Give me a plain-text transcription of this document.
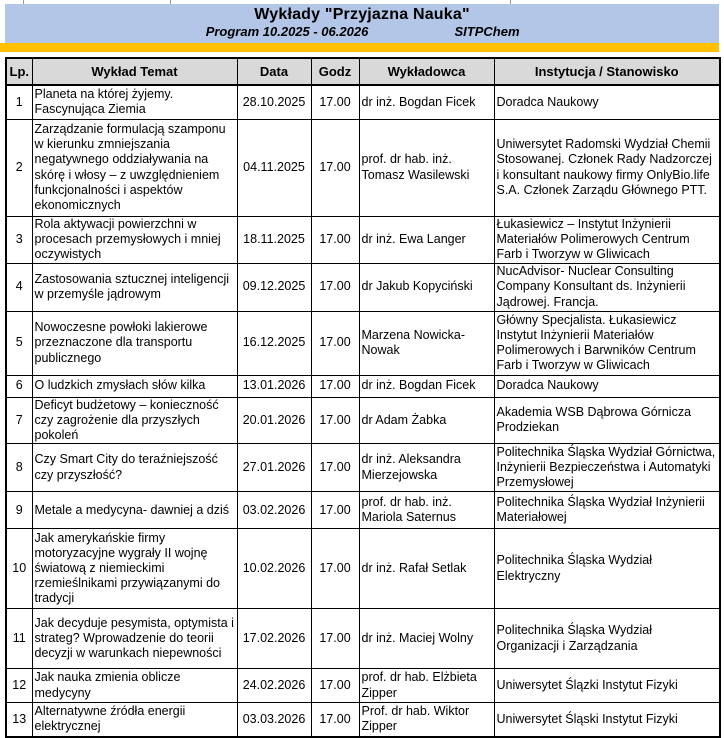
Wykłady "Przyjazna Nauka"
Program 10.2025 - 06.2026	SITPChem
Lp.	Wykład Temat	Data	Godz	Wykładowca	Instytucja / Stanowisko
1	Planeta na której żyjemy. Fascynująca Ziemia	28.10.2025	17.00	dr inż. Bogdan Ficek	Doradca Naukowy
2	Zarządzanie formulacją szamponu w kierunku zmniejszania negatywnego oddziaływania na skórę i włosy – z uwzględnieniem funkcjonalności i aspektów ekonomicznych	04.11.2025	17.00	prof. dr hab. inż. Tomasz Wasilewski	Uniwersytet Radomski Wydział Chemii Stosowanej. Członek Rady Nadzorczej i konsultant naukowy firmy OnlyBio.life S.A. Członek Zarządu Głównego PTT.
3	Rola aktywacji powierzchni w procesach przemysłowych i mniej oczywistych	18.11.2025	17.00	dr inż. Ewa Langer	Łukasiewicz – Instytut Inżynierii Materiałów Polimerowych Centrum Farb i Tworzyw w Gliwicach
4	Zastosowania sztucznej inteligencji w przemyśle jądrowym	09.12.2025	17.00	dr Jakub Kopyciński	NucAdvisor- Nuclear Consulting Company Konsultant ds. Inżynierii Jądrowej. Francja.
5	Nowoczesne powłoki lakierowe przeznaczone dla transportu publicznego	16.12.2025	17.00	Marzena Nowicka-Nowak	Główny Specjalista. Łukasiewicz Instytut Inżynierii Materiałów Polimerowych i Barwników Centrum Farb i Tworzyw w Gliwicach
6	O ludzkich zmysłach słów kilka	13.01.2026	17.00	dr inż. Bogdan Ficek	Doradca Naukowy
7	Deficyt budżetowy – konieczność czy zagrożenie dla przyszłych pokoleń	20.01.2026	17.00	dr Adam Żabka	Akademia WSB Dąbrowa Górnicza Prodziekan
8	Czy Smart City do teraźniejszość czy przyszłość?	27.01.2026	17.00	dr inż. Aleksandra Mierzejowska	Politechnika Śląska Wydział Górnictwa, Inżynierii Bezpieczeństwa i Automatyki Przemysłowej
9	Metale a medycyna- dawniej a dziś	03.02.2026	17.00	prof. dr hab. inż. Mariola Saternus	Politechnika Śląska Wydział Inżynierii Materiałowej
10	Jak amerykańskie firmy motoryzacyjne wygrały II wojnę światową z niemieckimi rzemieślnikami przywiązanymi do tradycji	10.02.2026	17.00	dr inż. Rafał Setlak	Politechnika Śląska Wydział Elektryczny
11	Jak decyduje pesymista, optymista i strateg? Wprowadzenie do teorii decyzji w warunkach niepewności	17.02.2026	17.00	dr inż. Maciej Wolny	Politechnika Śląska Wydział Organizacji i Zarządzania
12	Jak nauka zmienia oblicze medycyny	24.02.2026	17.00	prof. dr hab. Elżbieta Zipper	Uniwersytet Ślązki Instytut Fizyki
13	Alternatywne źródła energii elektrycznej	03.03.2026	17.00	Prof. dr hab. Wiktor Zipper	Uniwersytet Śląski Instytut Fizyki
